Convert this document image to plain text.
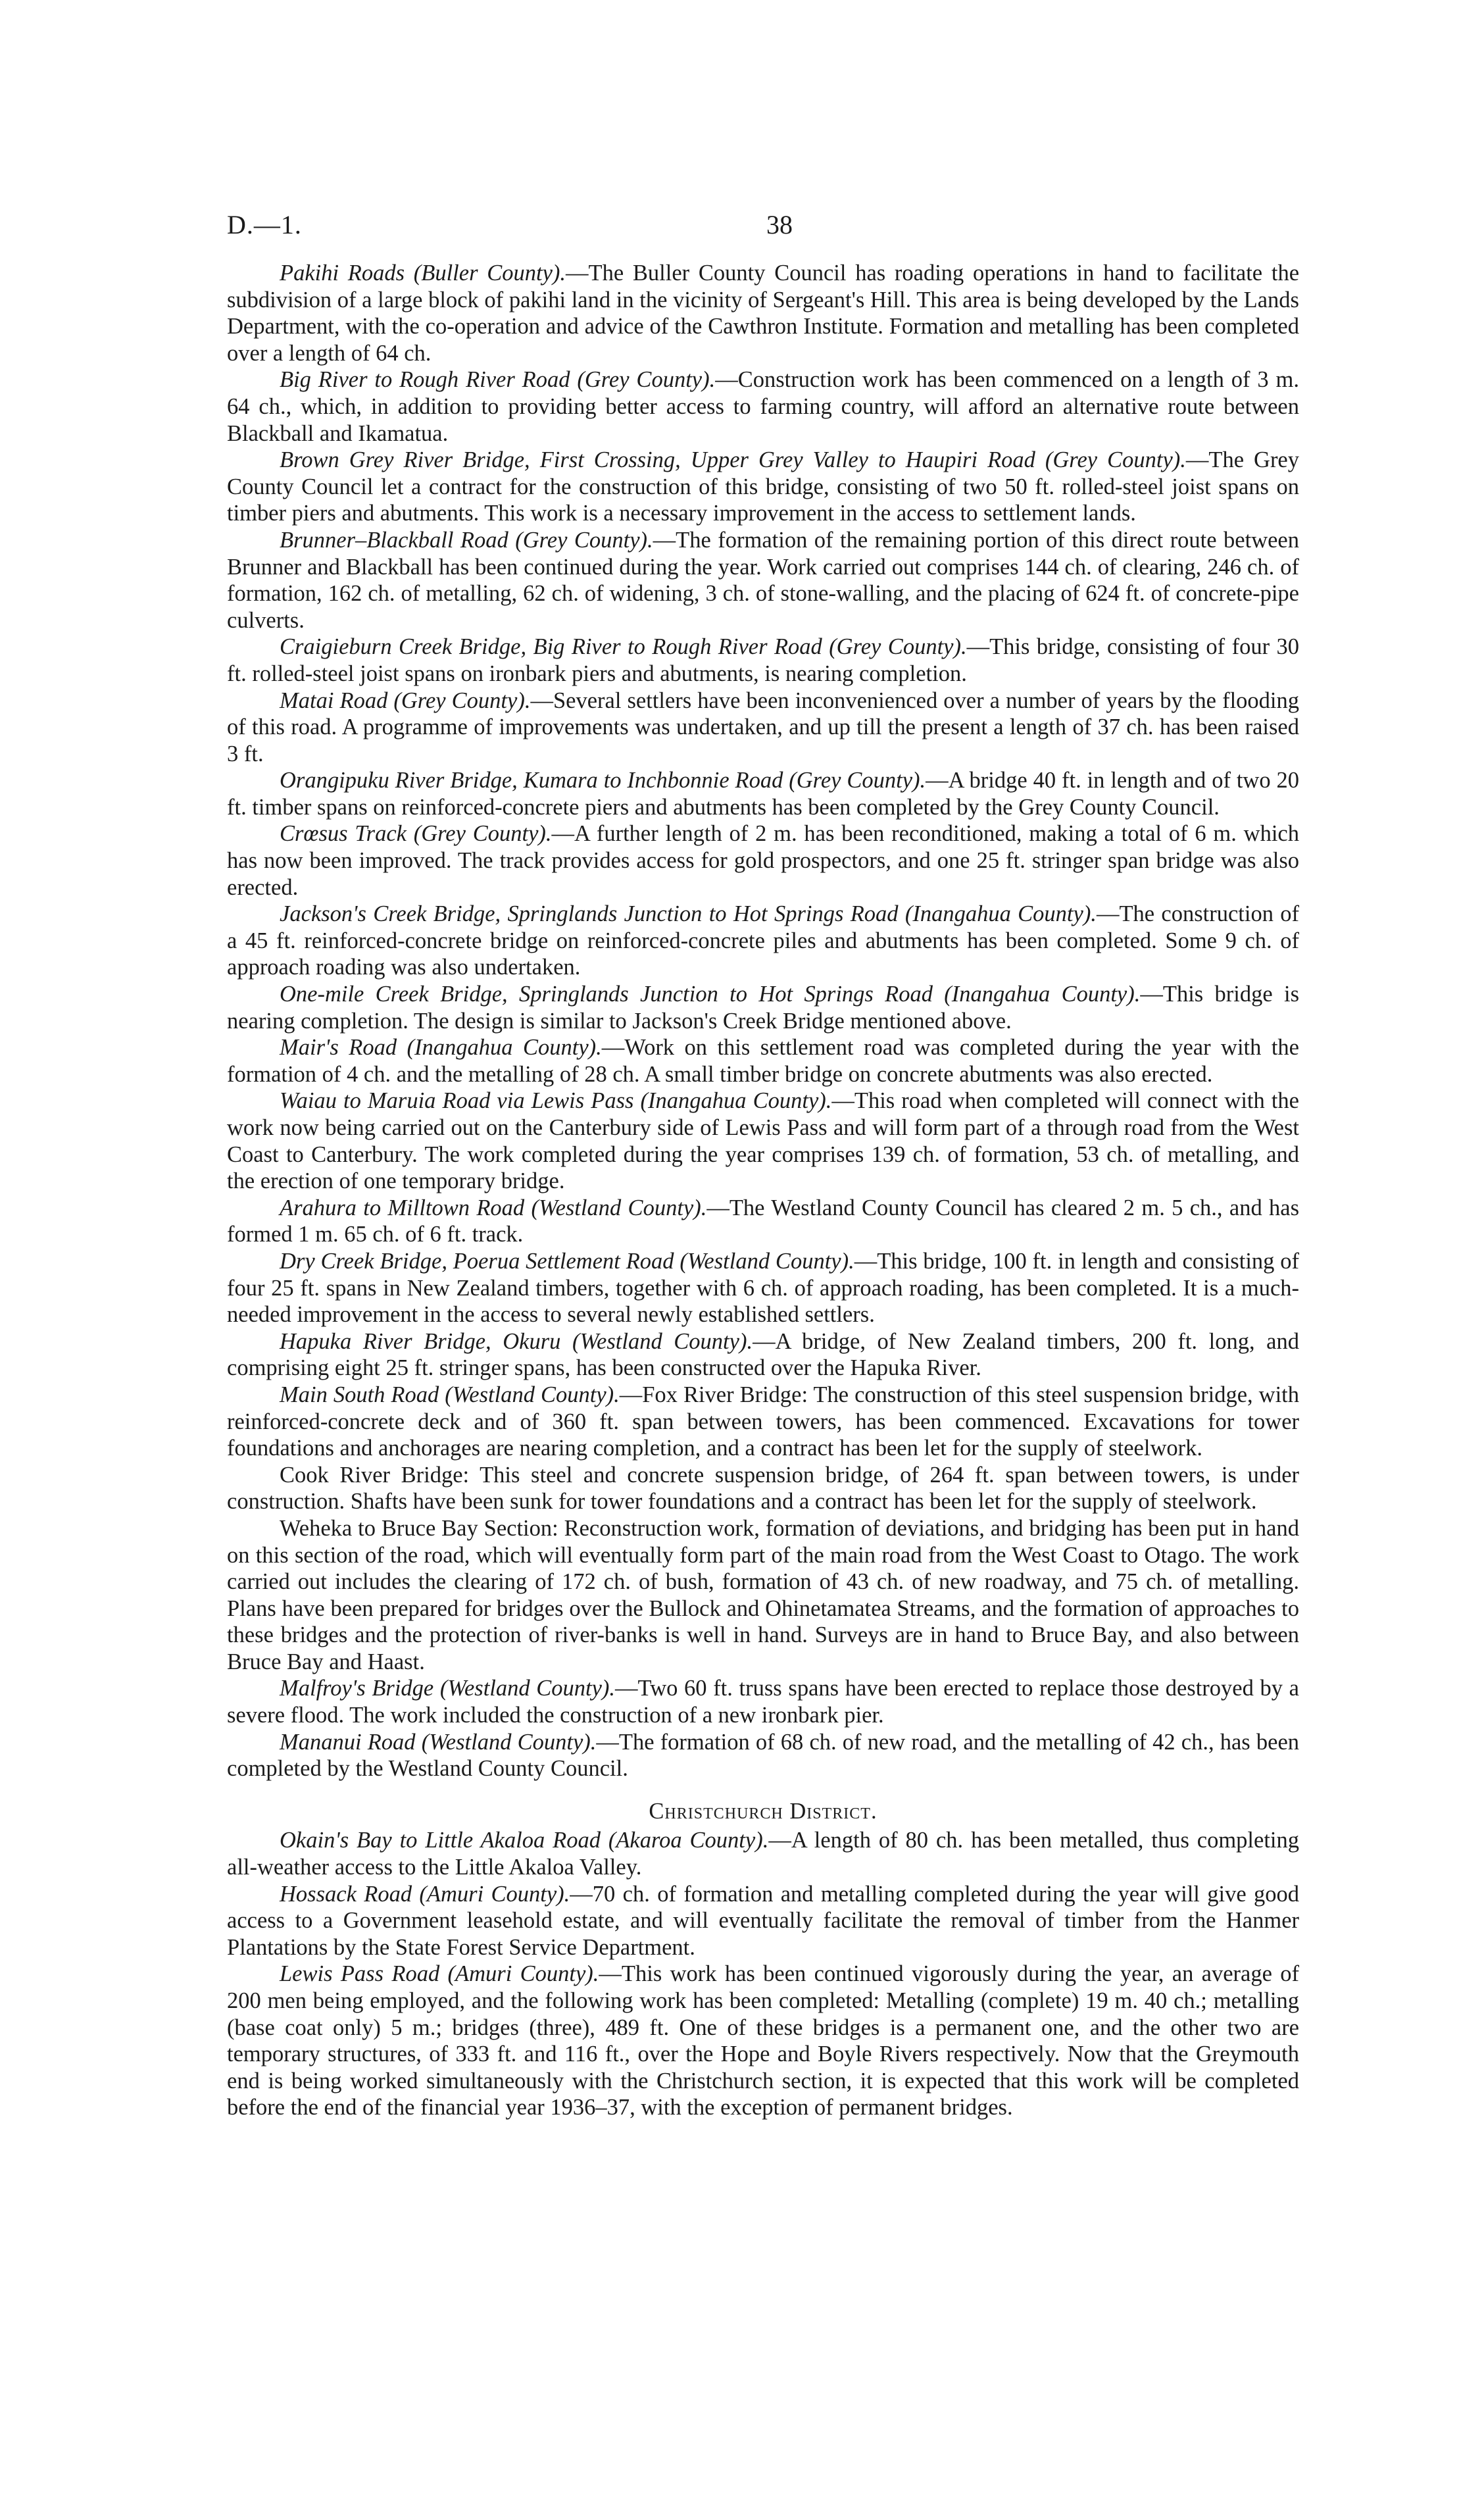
D.—1.	38

Pakihi Roads (Buller County).—The Buller County Council has roading operations in hand to facilitate the subdivision of a large block of pakihi land in the vicinity of Sergeant's Hill. This area is being developed by the Lands Department, with the co-operation and advice of the Cawthron Institute. Formation and metalling has been completed over a length of 64 ch.

Big River to Rough River Road (Grey County).—Construction work has been commenced on a length of 3 m. 64 ch., which, in addition to providing better access to farming country, will afford an alternative route between Blackball and Ikamatua.

Brown Grey River Bridge, First Crossing, Upper Grey Valley to Haupiri Road (Grey County).—The Grey County Council let a contract for the construction of this bridge, consisting of two 50 ft. rolled-steel joist spans on timber piers and abutments. This work is a necessary improvement in the access to settlement lands.

Brunner–Blackball Road (Grey County).—The formation of the remaining portion of this direct route between Brunner and Blackball has been continued during the year. Work carried out comprises 144 ch. of clearing, 246 ch. of formation, 162 ch. of metalling, 62 ch. of widening, 3 ch. of stone-walling, and the placing of 624 ft. of concrete-pipe culverts.

Craigieburn Creek Bridge, Big River to Rough River Road (Grey County).—This bridge, consisting of four 30 ft. rolled-steel joist spans on ironbark piers and abutments, is nearing completion.

Matai Road (Grey County).—Several settlers have been inconvenienced over a number of years by the flooding of this road. A programme of improvements was undertaken, and up till the present a length of 37 ch. has been raised 3 ft.

Orangipuku River Bridge, Kumara to Inchbonnie Road (Grey County).—A bridge 40 ft. in length and of two 20 ft. timber spans on reinforced-concrete piers and abutments has been completed by the Grey County Council.

Crœsus Track (Grey County).—A further length of 2 m. has been reconditioned, making a total of 6 m. which has now been improved. The track provides access for gold prospectors, and one 25 ft. stringer span bridge was also erected.

Jackson's Creek Bridge, Springlands Junction to Hot Springs Road (Inangahua County).—The construction of a 45 ft. reinforced-concrete bridge on reinforced-concrete piles and abutments has been completed. Some 9 ch. of approach roading was also undertaken.

One-mile Creek Bridge, Springlands Junction to Hot Springs Road (Inangahua County).—This bridge is nearing completion. The design is similar to Jackson's Creek Bridge mentioned above.

Mair's Road (Inangahua County).—Work on this settlement road was completed during the year with the formation of 4 ch. and the metalling of 28 ch. A small timber bridge on concrete abutments was also erected.

Waiau to Maruia Road via Lewis Pass (Inangahua County).—This road when completed will connect with the work now being carried out on the Canterbury side of Lewis Pass and will form part of a through road from the West Coast to Canterbury. The work completed during the year comprises 139 ch. of formation, 53 ch. of metalling, and the erection of one temporary bridge.

Arahura to Milltown Road (Westland County).—The Westland County Council has cleared 2 m. 5 ch., and has formed 1 m. 65 ch. of 6 ft. track.

Dry Creek Bridge, Poerua Settlement Road (Westland County).—This bridge, 100 ft. in length and consisting of four 25 ft. spans in New Zealand timbers, together with 6 ch. of approach roading, has been completed. It is a much-needed improvement in the access to several newly established settlers.

Hapuka River Bridge, Okuru (Westland County).—A bridge, of New Zealand timbers, 200 ft. long, and comprising eight 25 ft. stringer spans, has been constructed over the Hapuka River.

Main South Road (Westland County).—Fox River Bridge: The construction of this steel suspension bridge, with reinforced-concrete deck and of 360 ft. span between towers, has been commenced. Excavations for tower foundations and anchorages are nearing completion, and a contract has been let for the supply of steelwork.

Cook River Bridge: This steel and concrete suspension bridge, of 264 ft. span between towers, is under construction. Shafts have been sunk for tower foundations and a contract has been let for the supply of steelwork.

Weheka to Bruce Bay Section: Reconstruction work, formation of deviations, and bridging has been put in hand on this section of the road, which will eventually form part of the main road from the West Coast to Otago. The work carried out includes the clearing of 172 ch. of bush, formation of 43 ch. of new roadway, and 75 ch. of metalling. Plans have been prepared for bridges over the Bullock and Ohinetamatea Streams, and the formation of approaches to these bridges and the protection of river-banks is well in hand. Surveys are in hand to Bruce Bay, and also between Bruce Bay and Haast.

Malfroy's Bridge (Westland County).—Two 60 ft. truss spans have been erected to replace those destroyed by a severe flood. The work included the construction of a new ironbark pier.

Mananui Road (Westland County).—The formation of 68 ch. of new road, and the metalling of 42 ch., has been completed by the Westland County Council.

Christchurch District.

Okain's Bay to Little Akaloa Road (Akaroa County).—A length of 80 ch. has been metalled, thus completing all-weather access to the Little Akaloa Valley.

Hossack Road (Amuri County).—70 ch. of formation and metalling completed during the year will give good access to a Government leasehold estate, and will eventually facilitate the removal of timber from the Hanmer Plantations by the State Forest Service Department.

Lewis Pass Road (Amuri County).—This work has been continued vigorously during the year, an average of 200 men being employed, and the following work has been completed: Metalling (complete) 19 m. 40 ch.; metalling (base coat only) 5 m.; bridges (three), 489 ft. One of these bridges is a permanent one, and the other two are temporary structures, of 333 ft. and 116 ft., over the Hope and Boyle Rivers respectively. Now that the Greymouth end is being worked simultaneously with the Christchurch section, it is expected that this work will be completed before the end of the financial year 1936–37, with the exception of permanent bridges.
